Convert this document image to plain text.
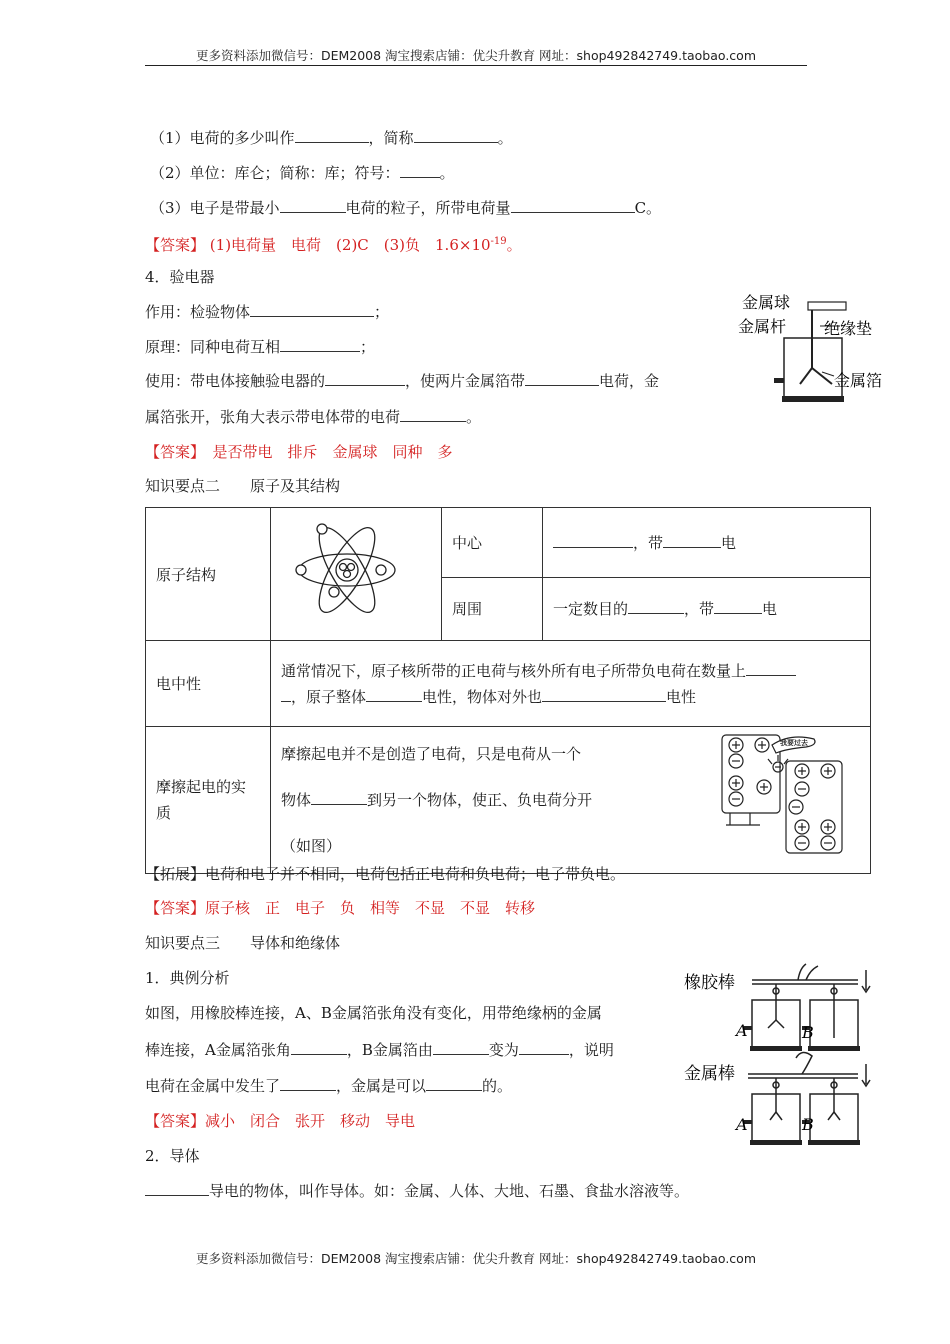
更多资料添加微信号：DEM2008 淘宝搜索店铺：优尖升教育 网址：shop492842749.taobao.com
（1）电荷的多少叫作	，简称	。
（2）单位：库仑；简称：库；符号：	。
（3）电子是带最小	电荷的粒子，所带电荷量	C。
【答案】 (1)电荷量　电荷　(2)C　(3)负　$1.6\times 10^{-19}$。
4．验电器
作用：检验物体	；
原理：同种电荷互相	；
使用：带电体接触验电器的	，使两片金属箔带	电荷，金
属箔张开，张角大表示带电体带的电荷	。
【答案】　是否带电　排斥　金属球　同种　多
金属球
金属杆 绝缘垫
金属箔
知识要点二　　原子及其结构
原子结构		中心	，带 电
		周围	一定数目的 ，带 电
电中性	通常情况下，原子核所带的正电荷与核外所有电子所带负电荷在数量上
，原子整体 电性，物体对外也 电性		
摩擦起电的实质	摩擦起电并不是创造了电荷，只是电荷从一个
物体 到另一个物体，使正、负电荷分开
（如图）
我要过去		
【拓展】电荷和电子并不相同，电荷包括正电荷和负电荷；电子带负电。
【答案】原子核　正　电子　负　相等　不显　不显　转移
知识要点三　　导体和绝缘体
1．典例分析
如图，用橡胶棒连接，A、B金属箔张角没有变化，用带绝缘柄的金属
棒连接，A金属箔张角	，B金属箔由	变为	，说明
电荷在金属中发生了	，金属是可以	的。
【答案】减小　闭合　张开　移动　导电
2．导体
导电的物体，叫作导体。如：金属、人体、大地、石墨、食盐水溶液等。
橡胶棒
金属棒
A	B
A	B
更多资料添加微信号：DEM2008 淘宝搜索店铺：优尖升教育 网址：shop492842749.taobao.com
